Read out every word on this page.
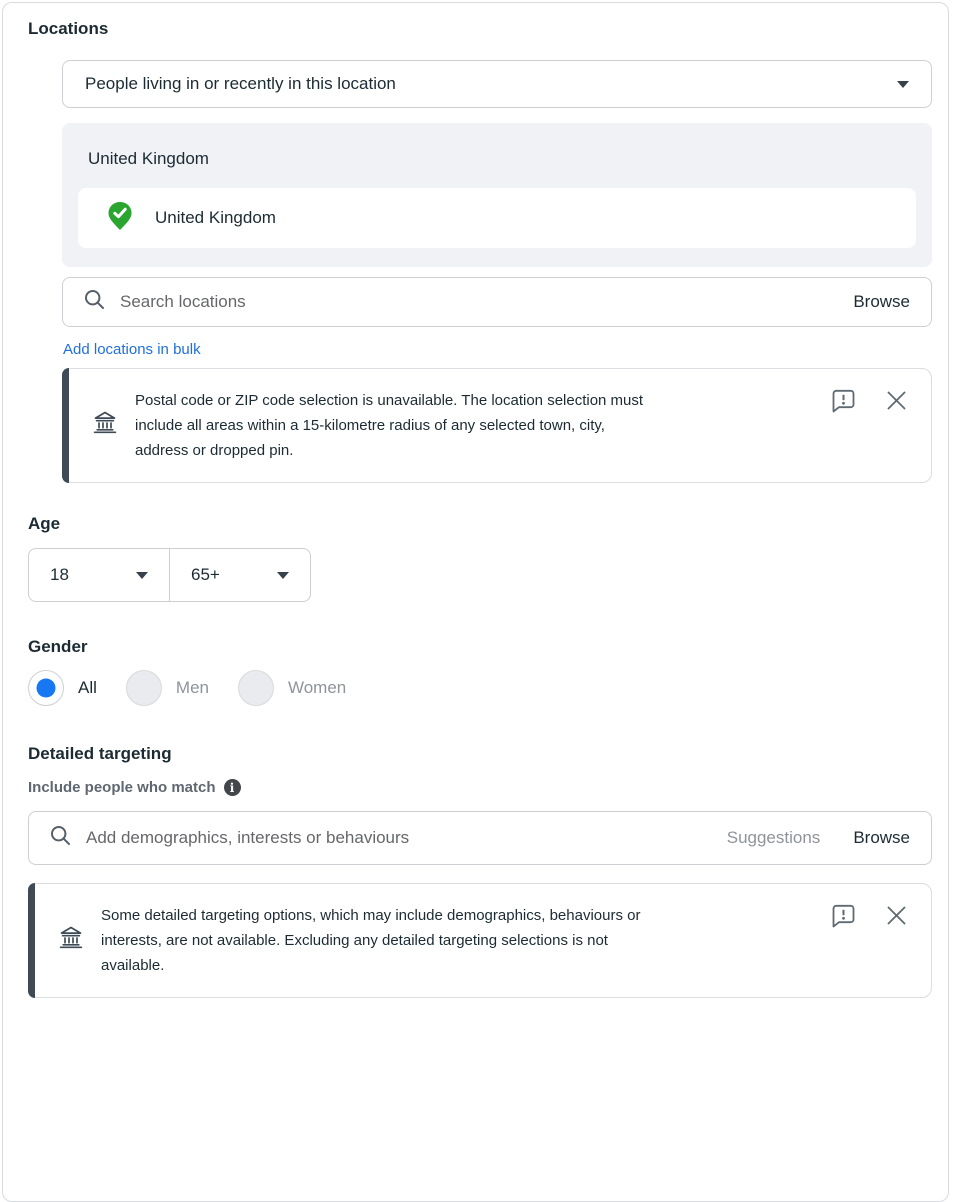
Locations
People living in or recently in this location
United Kingdom
United Kingdom
Search locations	Browse
Add locations in bulk
Postal code or ZIP code selection is unavailable. The location selection must
include all areas within a 15-kilometre radius of any selected town, city,
address or dropped pin.
Age
18	65+
Gender
All	Men	Women
Detailed targeting
Include people who match	i
Add demographics, interests or behaviours	Suggestions Browse
Some detailed targeting options, which may include demographics, behaviours or
interests, are not available. Excluding any detailed targeting selections is not
available.
